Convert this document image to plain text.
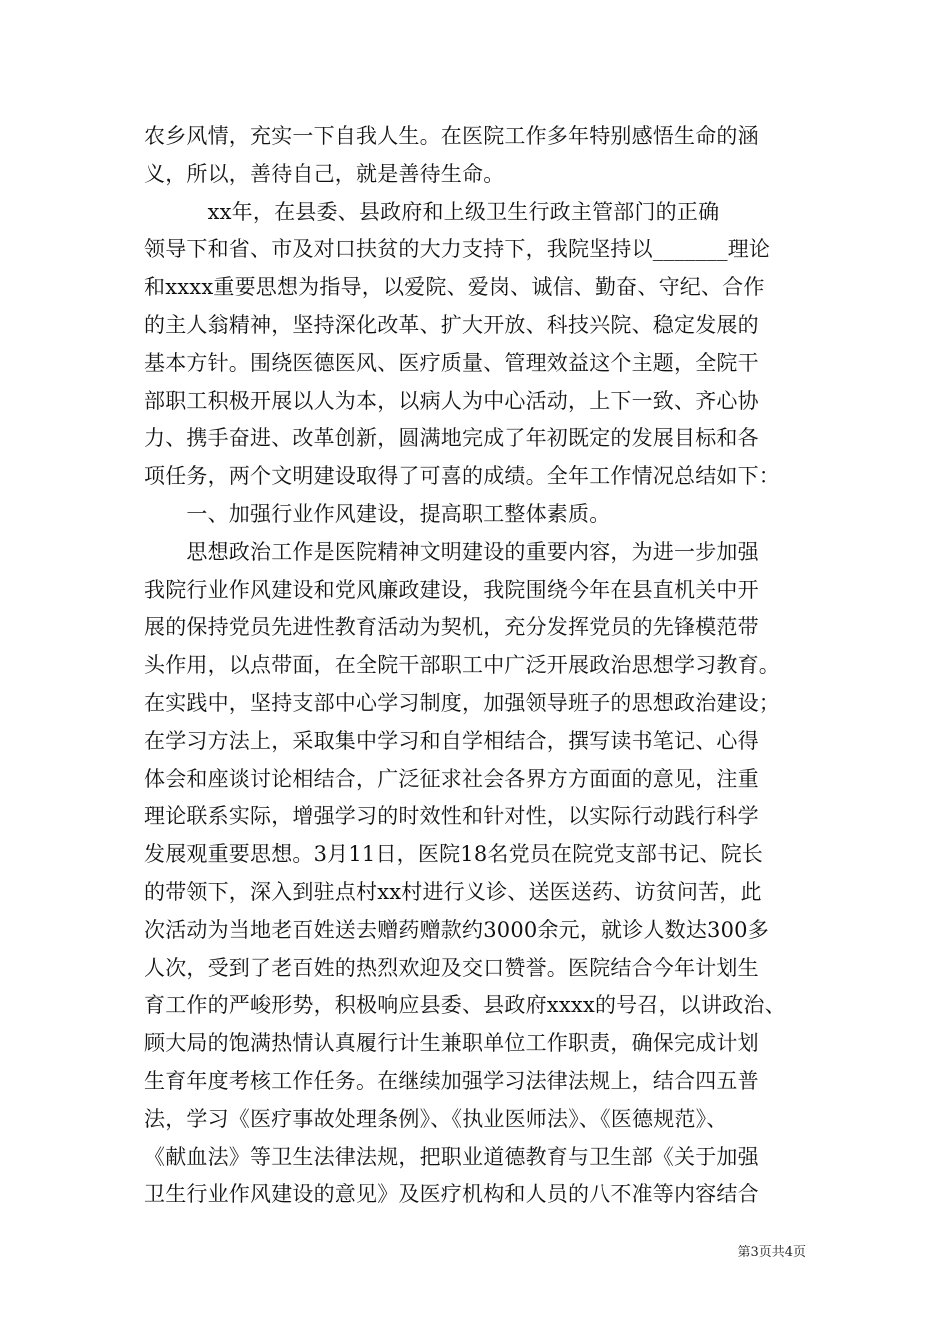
农乡风情，充实一下自我人生。在医院工作多年特别感悟生命的涵
义，所以，善待自己，就是善待生命。
　　　xx年，在县委、县政府和上级卫生行政主管部门的正确
领导下和省、市及对口扶贫的大力支持下，我院坚持以_______理论
和xxxx重要思想为指导，以爱院、爱岗、诚信、勤奋、守纪、合作
的主人翁精神，坚持深化改革、扩大开放、科技兴院、稳定发展的
基本方针。围绕医德医风、医疗质量、管理效益这个主题，全院干
部职工积极开展以人为本，以病人为中心活动，上下一致、齐心协
力、携手奋进、改革创新，圆满地完成了年初既定的发展目标和各
项任务，两个文明建设取得了可喜的成绩。全年工作情况总结如下：
　　一、加强行业作风建设，提高职工整体素质。
　　思想政治工作是医院精神文明建设的重要内容，为进一步加强
我院行业作风建设和党风廉政建设，我院围绕今年在县直机关中开
展的保持党员先进性教育活动为契机，充分发挥党员的先锋模范带
头作用，以点带面，在全院干部职工中广泛开展政治思想学习教育。
在实践中，坚持支部中心学习制度，加强领导班子的思想政治建设；
在学习方法上，采取集中学习和自学相结合，撰写读书笔记、心得
体会和座谈讨论相结合，广泛征求社会各界方方面面的意见，注重
理论联系实际，增强学习的时效性和针对性，以实际行动践行科学
发展观重要思想。3月11日，医院18名党员在院党支部书记、院长
的带领下，深入到驻点村xx村进行义诊、送医送药、访贫问苦，此
次活动为当地老百姓送去赠药赠款约3000余元，就诊人数达300多
人次，受到了老百姓的热烈欢迎及交口赞誉。医院结合今年计划生
育工作的严峻形势，积极响应县委、县政府xxxx的号召，以讲政治、
顾大局的饱满热情认真履行计生兼职单位工作职责，确保完成计划
生育年度考核工作任务。在继续加强学习法律法规上，结合四五普
法，学习《医疗事故处理条例》、《执业医师法》、《医德规范》、
《献血法》等卫生法律法规，把职业道德教育与卫生部《关于加强
卫生行业作风建设的意见》及医疗机构和人员的八不准等内容结合
第3页共4页
